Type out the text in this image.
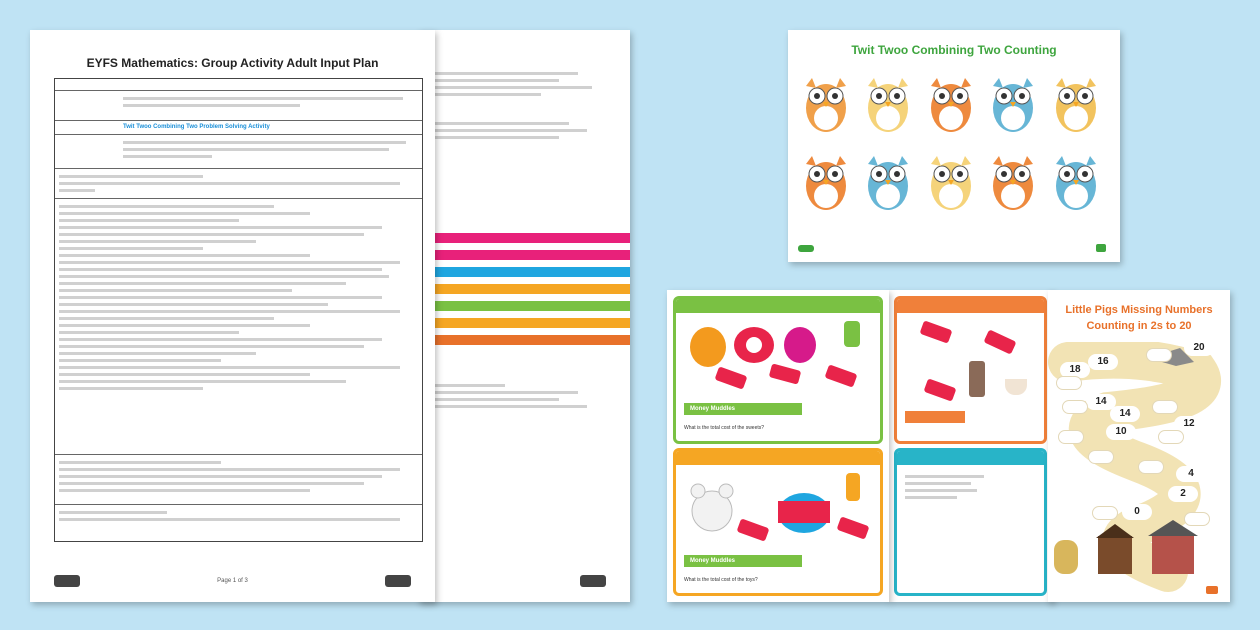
EYFS Mathematics: Group Activity Adult Input Plan
Twit Twoo Combining Two Problem Solving Activity
Page 1 of 3
Twit Twoo Combining Two Counting
Money Muddles
What is the total cost of the sweets?
Money Muddles
What is the total cost of the toys?
Little Pigs Missing Numbers
Counting in 2s to 20
16
18
20
14
14
10
12
4
2
0
